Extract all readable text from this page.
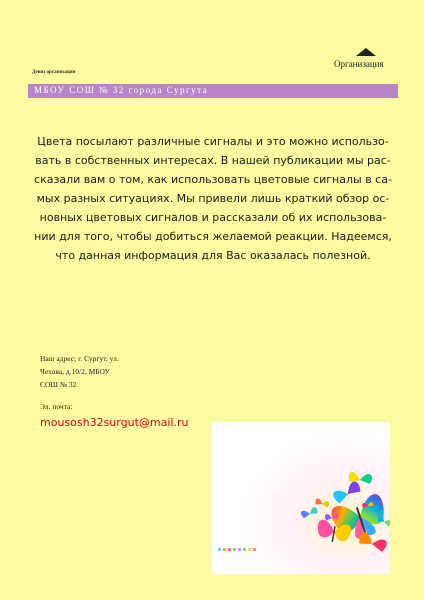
Организация
Девиз организации
МБОУ СОШ № 32 города Сургута
Цвета посылают различные сигналы и это можно использо-
вать в собственных интересах. В нашей публикации мы рас-
сказали вам о том, как использовать цветовые сигналы в са-
мых разных ситуациях. Мы привели лишь краткий обзор ос-
новных цветовых сигналов и рассказали об их использова-
нии для того, чтобы добиться желаемой реакции. Надеемся,
что данная информация для Вас оказалась полезной.
Наш адрес; г. Сургут, ул.
Чехова, д.10/2, МБОУ
СОШ № 32
Эл. почта:
mousosh32surgut@mail.ru
